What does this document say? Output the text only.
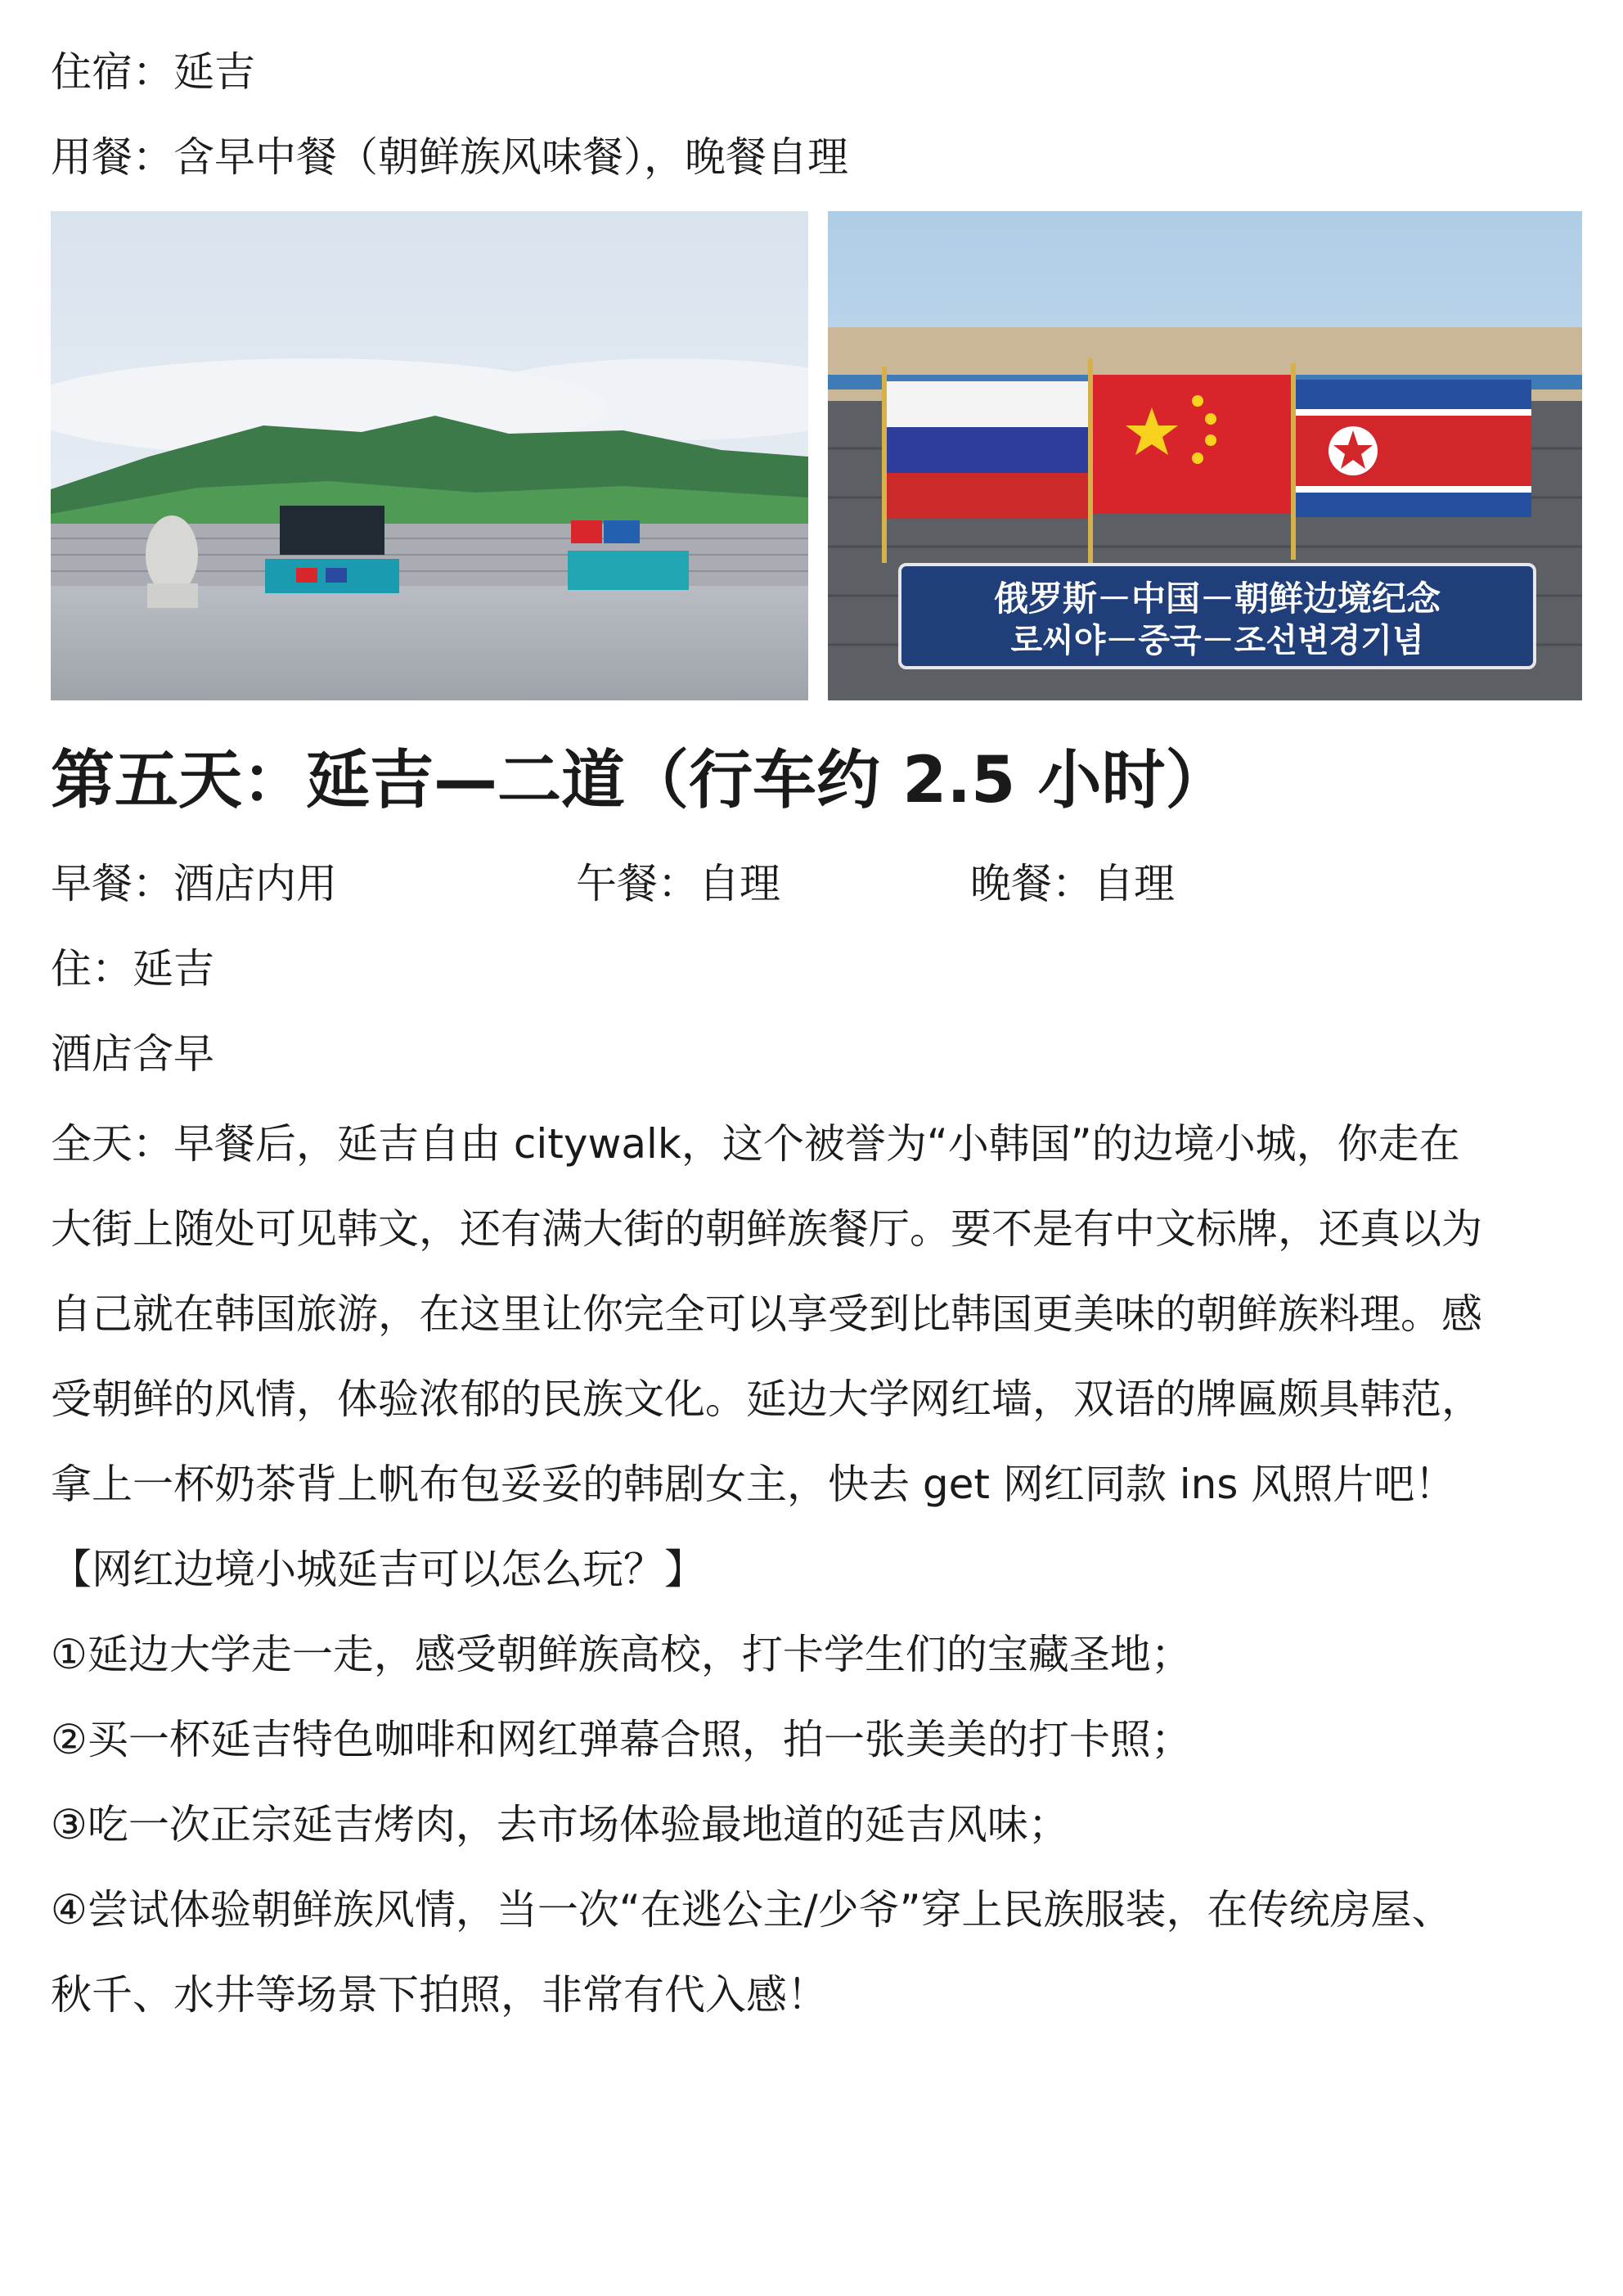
住宿：延吉
用餐：含早中餐（朝鲜族风味餐），晚餐自理
俄罗斯－中国－朝鲜边境纪念
로씨야－중국－조선변경기념
第五天：延吉—二道（行车约 2.5 小时）
早餐：酒店内用	午餐：自理	晚餐：自理
住：延吉
酒店含早
全天：早餐后，延吉自由 citywalk，这个被誉为“小韩国”的边境小城，你走在
大街上随处可见韩文，还有满大街的朝鲜族餐厅。要不是有中文标牌，还真以为
自己就在韩国旅游，在这里让你完全可以享受到比韩国更美味的朝鲜族料理。感
受朝鲜的风情，体验浓郁的民族文化。延边大学网红墙，双语的牌匾颇具韩范，
拿上一杯奶茶背上帆布包妥妥的韩剧女主，快去 get 网红同款 ins 风照片吧！
【网红边境小城延吉可以怎么玩？】
①延边大学走一走，感受朝鲜族高校，打卡学生们的宝藏圣地；
②买一杯延吉特色咖啡和网红弹幕合照，拍一张美美的打卡照；
③吃一次正宗延吉烤肉，去市场体验最地道的延吉风味；
④尝试体验朝鲜族风情，当一次“在逃公主/少爷”穿上民族服装，在传统房屋、
秋千、水井等场景下拍照，非常有代入感！
